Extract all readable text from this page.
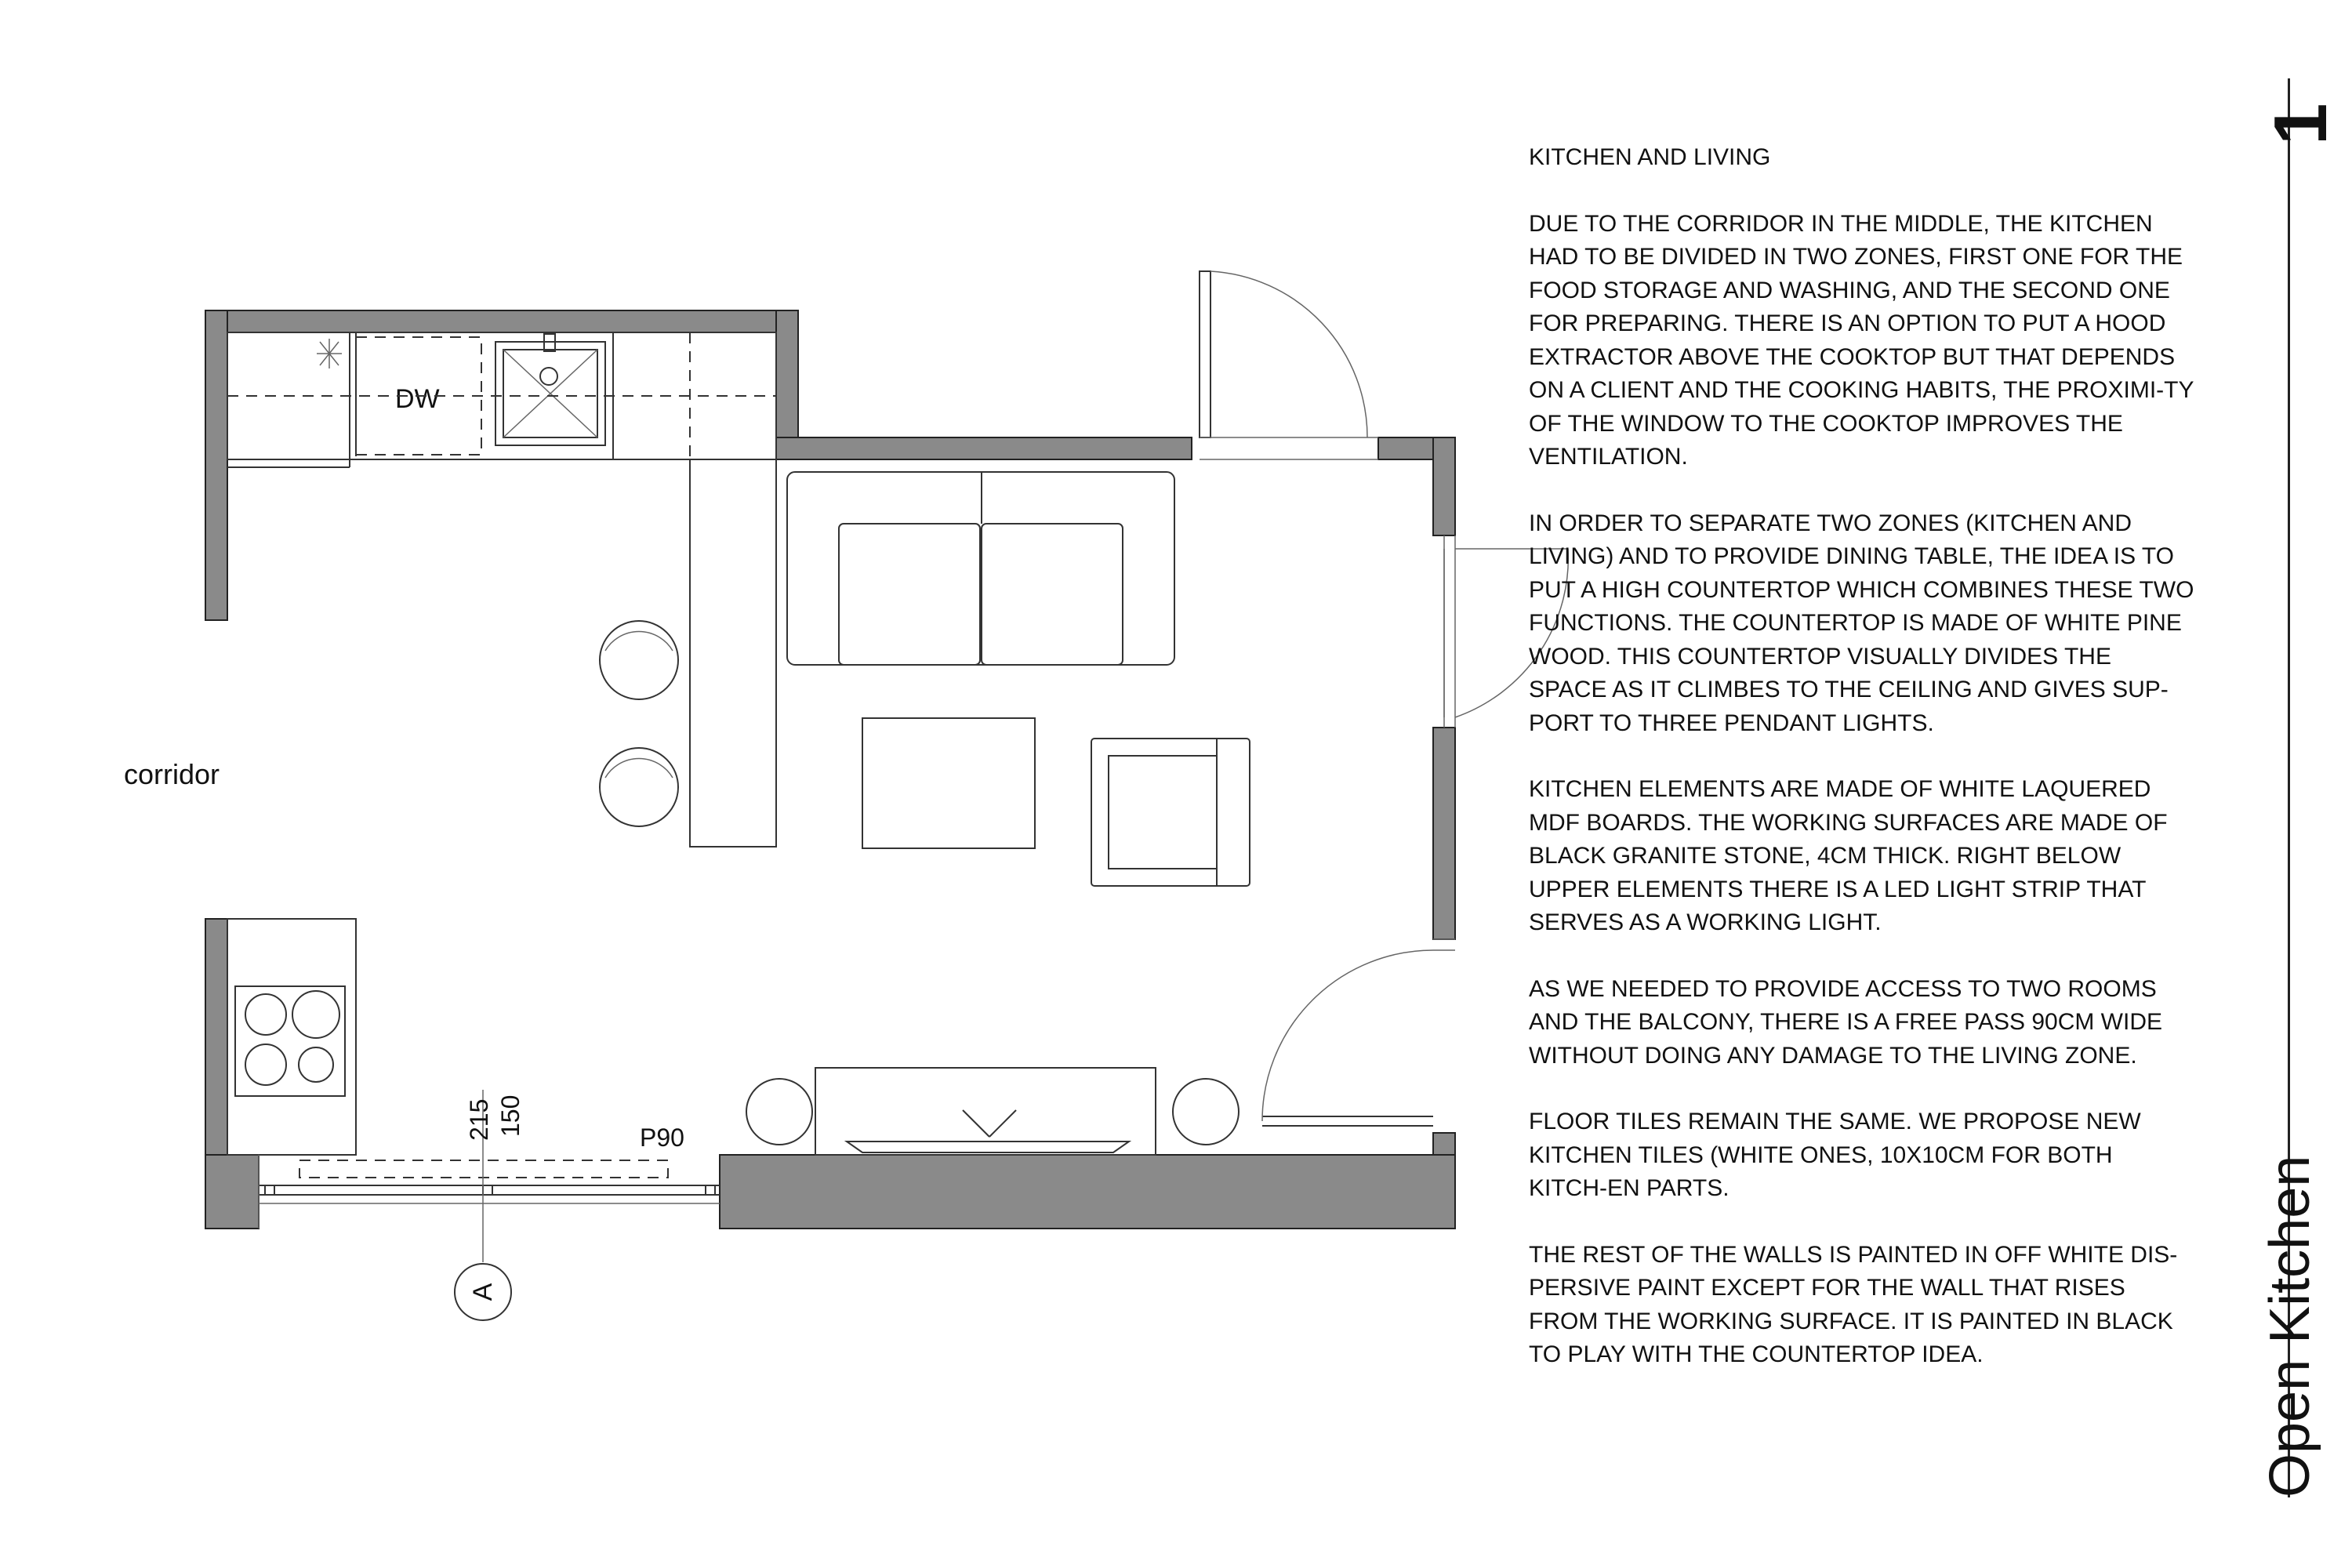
DW
A
215 150
P90
corridor
KITCHEN AND LIVING

DUE TO THE CORRIDOR IN THE MIDDLE, THE KITCHEN HAD TO BE DIVIDED IN TWO ZONES, FIRST ONE FOR THE FOOD STORAGE AND WASHING, AND THE SECOND ONE FOR PREPARING. THERE IS AN OPTION TO PUT A HOOD EXTRACTOR ABOVE THE COOKTOP BUT THAT DEPENDS ON A CLIENT AND THE COOKING HABITS, THE PROXIMI-TY OF THE WINDOW TO THE COOKTOP IMPROVES THE VENTILATION.

IN ORDER TO SEPARATE TWO ZONES (KITCHEN AND LIVING) AND TO PROVIDE DINING TABLE, THE IDEA IS TO PUT A HIGH COUNTERTOP WHICH COMBINES THESE TWO FUNCTIONS. THE COUNTERTOP IS MADE OF WHITE PINE WOOD. THIS COUNTERTOP VISUALLY DIVIDES THE SPACE AS IT CLIMBES TO THE CEILING AND GIVES SUP-PORT TO THREE PENDANT LIGHTS.

KITCHEN ELEMENTS ARE MADE OF WHITE LAQUERED MDF BOARDS. THE WORKING SURFACES ARE MADE OF BLACK GRANITE STONE, 4CM THICK. RIGHT BELOW UPPER ELEMENTS THERE IS A LED LIGHT STRIP THAT SERVES AS A WORKING LIGHT.

AS WE NEEDED TO PROVIDE ACCESS TO TWO ROOMS AND THE BALCONY, THERE IS A FREE PASS 90CM WIDE WITHOUT DOING ANY DAMAGE TO THE LIVING ZONE.

FLOOR TILES REMAIN THE SAME. WE PROPOSE NEW KITCHEN TILES (WHITE ONES, 10X10CM FOR BOTH KITCH-EN PARTS.

THE REST OF THE WALLS IS PAINTED IN OFF WHITE DIS-PERSIVE PAINT EXCEPT FOR THE WALL THAT RISES FROM THE WORKING SURFACE. IT IS PAINTED IN BLACK TO PLAY WITH THE COUNTERTOP IDEA.	Open Kitchen
1
